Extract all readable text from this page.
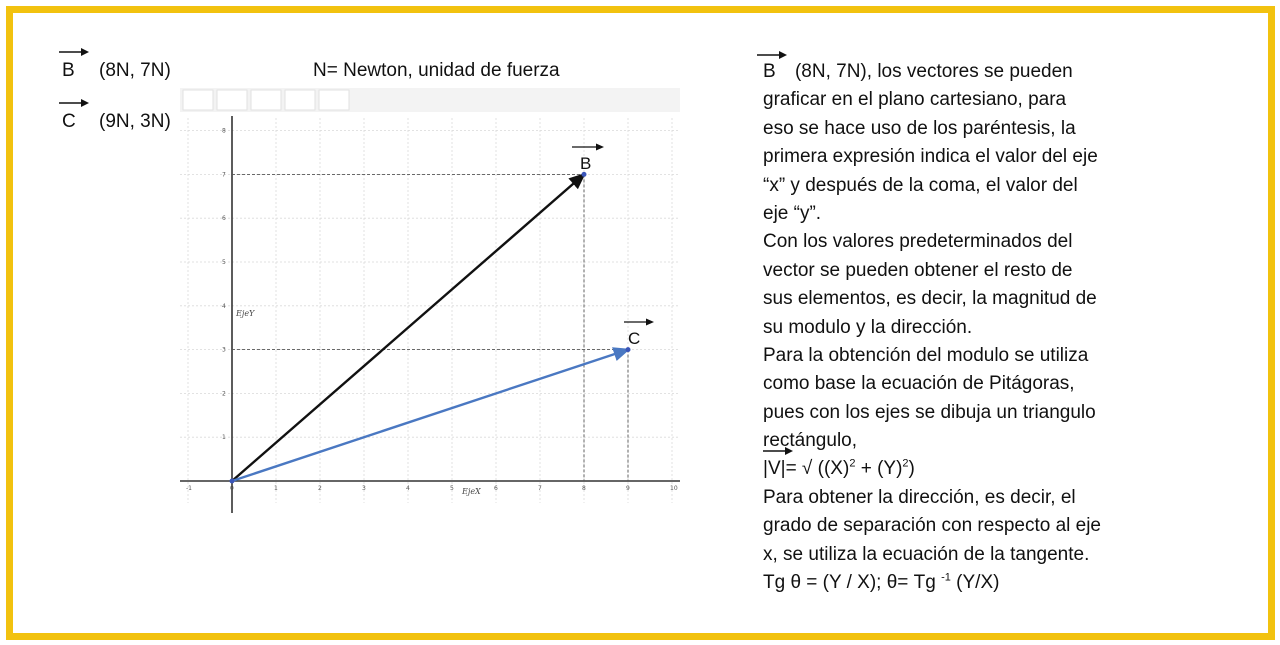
B (8N, 7N)
C (9N, 3N)
N= Newton, unidad de fuerza
-1	0	1	2	3	4	5	6	7	8	9	10
1
2
3
4
5
6
7
8
EjeY
EjeX
B
C
B (8N, 7N), los vectores se pueden
graficar en el plano cartesiano, para
eso se hace uso de los paréntesis, la
primera expresión indica el valor del eje
“x” y después de la coma, el valor del
eje “y”.
Con los valores predeterminados del
vector se pueden obtener el resto de
sus elementos, es decir, la magnitud de
su modulo y la dirección.
Para la obtención del modulo se utiliza
como base la ecuación de Pitágoras,
pues con los ejes se dibuja un triangulo
rectángulo,
|V|= √ $((X)^2 + (Y)^2)$
Para obtener la dirección, es decir, el
grado de separación con respecto al eje
x, se utiliza la ecuación de la tangente.
Tg θ = (Y / X); θ= Tg $^{-1}$ (Y/X)
